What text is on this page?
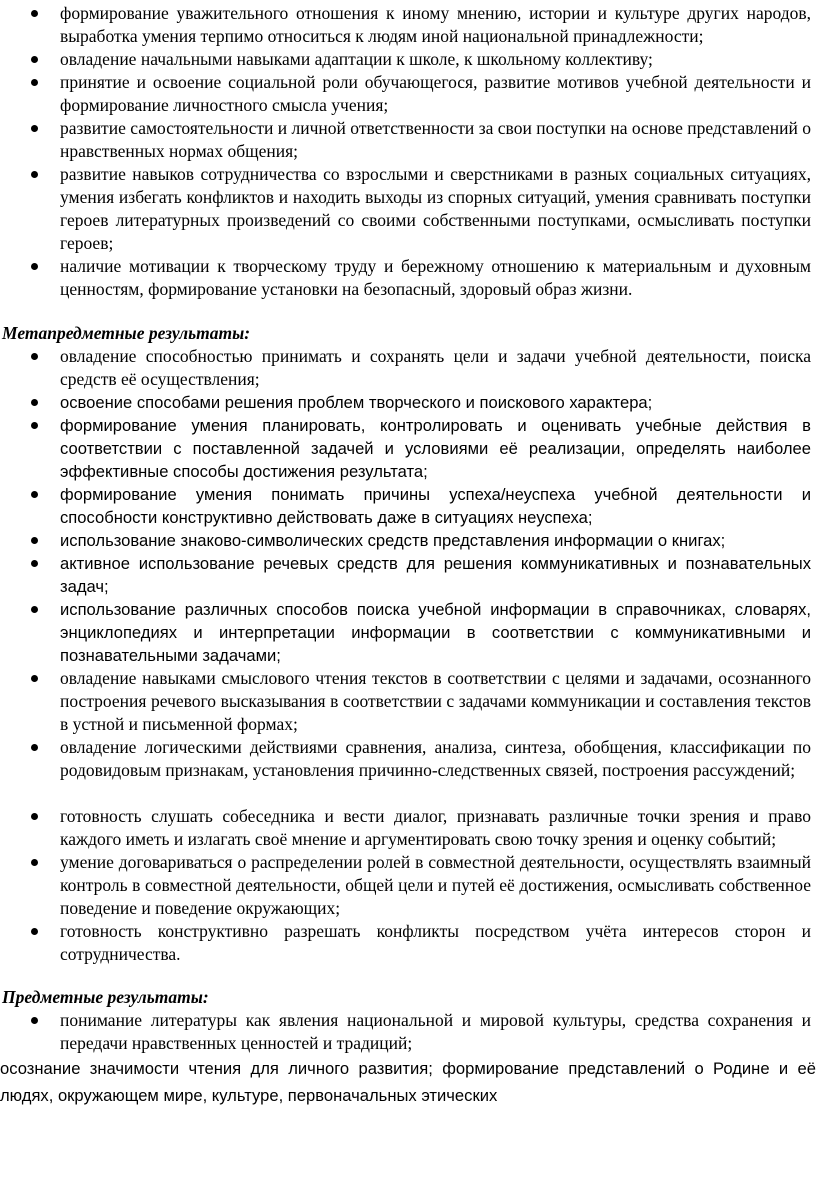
формирование уважительного отношения к иному мнению, истории и культуре других народов, выработка умения терпимо относиться к людям иной национальной принадлежности;
овладение начальными навыками адаптации к школе, к школьному коллективу;
принятие и освоение социальной роли обучающегося, развитие мотивов учебной деятельности и формирование личностного смысла учения;
развитие самостоятельности и личной ответственности за свои поступки на основе представлений о нравственных нормах общения;
развитие навыков сотрудничества со взрослыми и сверстниками в разных социальных ситуациях, умения избегать конфликтов и находить выходы из спорных ситуаций, умения сравнивать поступки героев литературных произведений со своими собственными поступками, осмысливать поступки героев;
наличие мотивации к творческому труду и бережному отношению к материальным и духовным ценностям, формирование установки на безопасный, здоровый образ жизни.

Метапредметные результаты:

овладение способностью принимать и сохранять цели и задачи учебной деятельности, поиска средств её осуществления;
освоение способами решения проблем творческого и поискового характера;
формирование умения планировать, контролировать и оценивать учебные действия в соответствии с поставленной задачей и условиями её реализации, определять наиболее эффективные способы достижения результата;
формирование умения понимать причины успеха/неуспеха учебной деятельности и способности конструктивно действовать даже в ситуациях неуспеха;
использование знаково-символических средств представления информации о книгах;
активное использование речевых средств для решения коммуникативных и познавательных задач;
использование различных способов поиска учебной информации в справочниках, словарях, энциклопедиях и интерпретации информации в соответствии с коммуникативными и познавательными задачами;
овладение навыками смыслового чтения текстов в соответствии с целями и задачами, осознанного построения речевого высказывания в соответствии с задачами коммуникации и составления текстов в устной и письменной формах;
овладение логическими действиями сравнения, анализа, синтеза, обобщения, классификации по родовидовым признакам, установления причинно-следственных связей, построения рассуждений;
готовность слушать собеседника и вести диалог, признавать различные точки зрения и право каждого иметь и излагать своё мнение и аргументировать свою точку зрения и оценку событий;
умение договариваться о распределении ролей в совместной деятельности, осуществлять взаимный контроль в совместной деятельности, общей цели и путей её достижения, осмысливать собственное поведение и поведение окружающих;
готовность конструктивно разрешать конфликты посредством учёта интересов сторон и сотрудничества.

Предметные результаты:

понимание литературы как явления национальной и мировой культуры, средства сохранения и передачи нравственных ценностей и традиций;

осознание значимости чтения для личного развития; формирование представлений о Родине и её людях, окружающем мире, культуре, первоначальных этических
